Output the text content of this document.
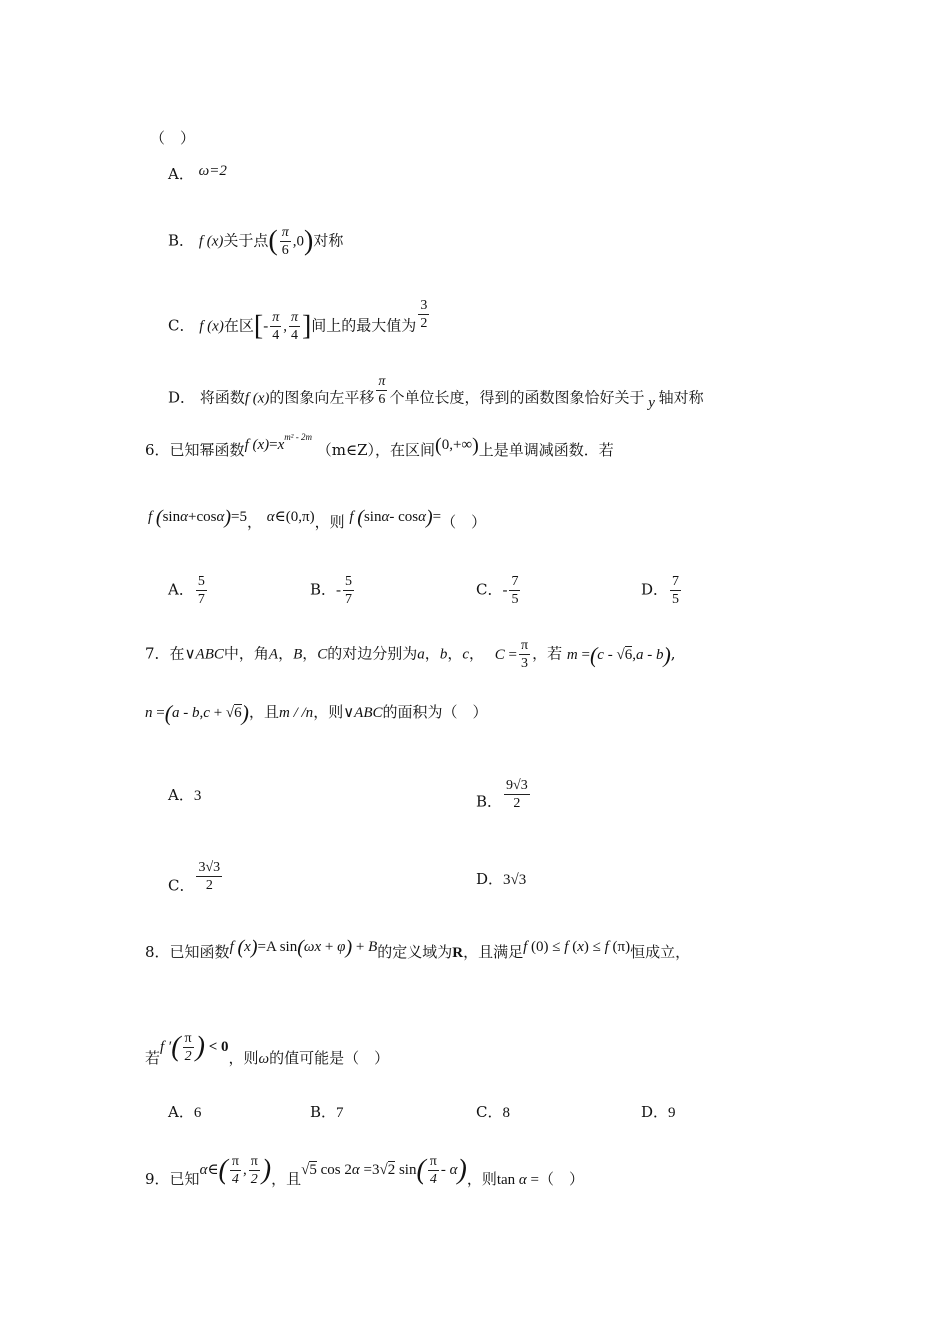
（　）
A． ω=2
B． f (x)关于点( $\frac{\pi}{6} ,0$)对称
C． f (x)在区[- $\frac{\pi}{4}$ , $\frac{\pi}{4}$ ]间上的最大值为 $\frac{3}{2}$
D． 将函数f (x)的图象向左平移 $\frac{\pi}{6}$ 个单位长度，得到的函数图象恰好关于 y 轴对称
6．已知幂函数f $(x)=x^{m^2 - 2m}$ （m∈Z），在区间(0,+∞)上是单调减函数．若
f (sinα+cosα)=5， α∈(0,π)，则 f (sinα- cosα)=（　）
A． $\frac{5}{7}$	B．- $\frac{5}{7}$	C．- $\frac{7}{5}$	D． $\frac{7}{5}$
7．在∨ABC中，角A，B，C的对边分别为a，b，c， $C = \frac{\pi}{3}$ ，若 m =(c - √6,a - b),
n =(a - b,c + √6)，且m / /n，则∨ABC的面积为（　）
A．3	B． $\frac{9√3}{2}$
C． $\frac{3√3}{2}$	D．3√3
8．已知函数f (x)=A sin(ωx + φ) + B的定义域为R，且满足f (0) ≤ f (x) ≤ f (π)恒成立，
若f ′( $\frac{\pi}{2}$ ) < 0，则ω的值可能是（　）
A．6	B．7	C．8	D．9
9．已知α∈( $\frac{\pi}{4}$ , $\frac{\pi}{2}$ )，且√5 cos 2α =3√2 $\sin( \frac{\pi}{4} - \alpha)$，则tan α =（　）
